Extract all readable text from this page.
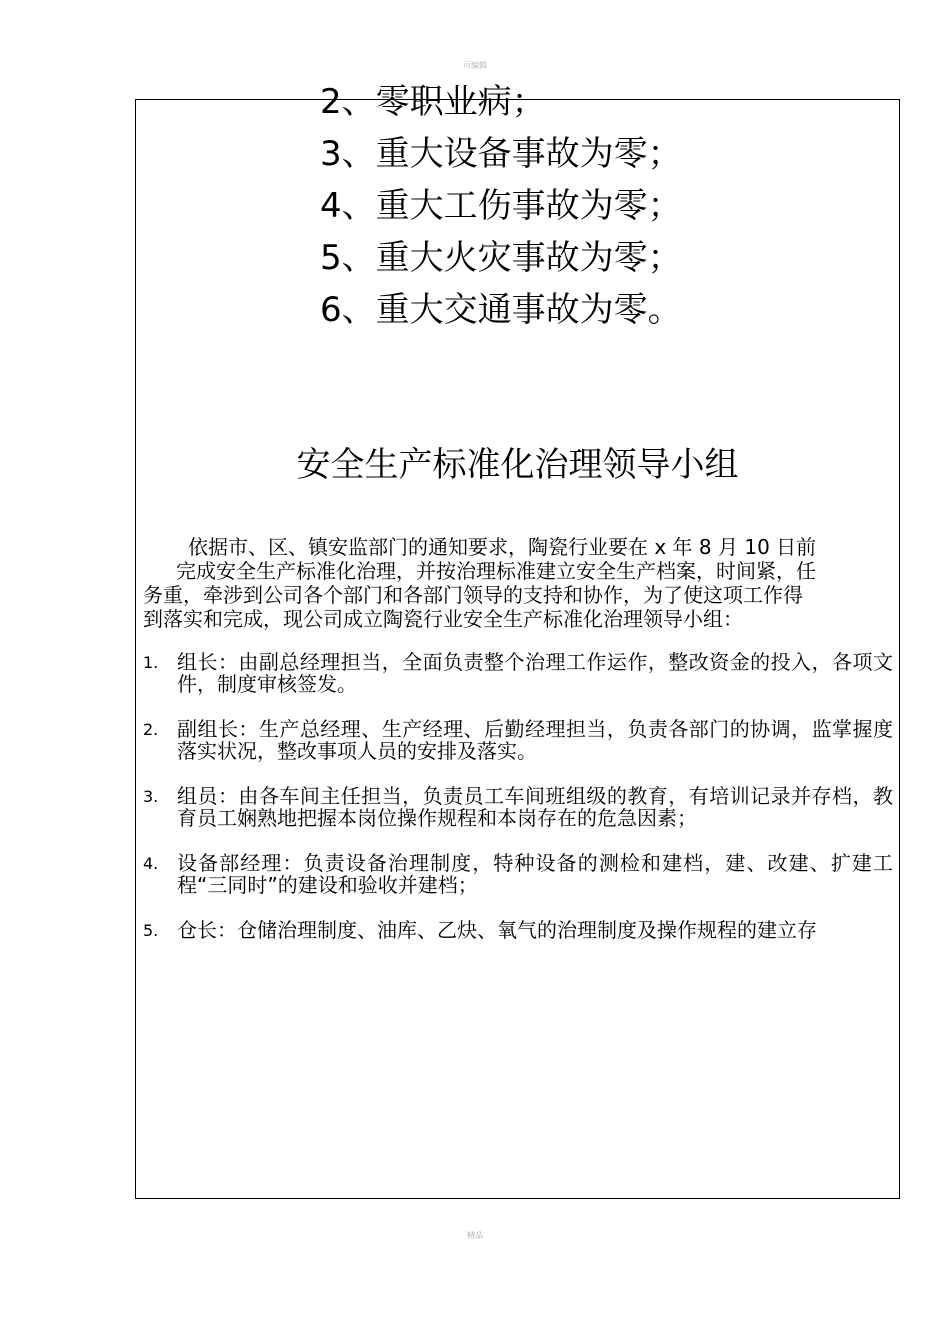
可编辑
2、零职业病；
3、重大设备事故为零；
4、重大工伤事故为零；
5、重大火灾事故为零；
6、重大交通事故为零。
安全生产标准化治理领导小组

依据市、区、镇安监部门的通知要求，陶瓷行业要在 x 年 8 月 10 日前
完成安全生产标准化治理，并按治理标准建立安全生产档案，时间紧，任
务重，牵涉到公司各个部门和各部门领导的支持和协作，为了使这项工作得
到落实和完成，现公司成立陶瓷行业安全生产标准化治理领导小组：

1. 组长：由副总经理担当，全面负责整个治理工作运作，整改资金的投入，各项文件，制度审核签发。
2. 副组长：生产总经理、生产经理、后勤经理担当，负责各部门的协调，监掌握度落实状况，整改事项人员的安排及落实。
3. 组员：由各车间主任担当，负责员工车间班组级的教育，有培训记录并存档，教育员工娴熟地把握本岗位操作规程和本岗存在的危急因素；
4. 设备部经理：负责设备治理制度，特种设备的测检和建档，建、改建、扩建工程“三同时”的建设和验收并建档；
5. 仓长：仓储治理制度、油库、乙炔、氧气的治理制度及操作规程的建立存
精品
